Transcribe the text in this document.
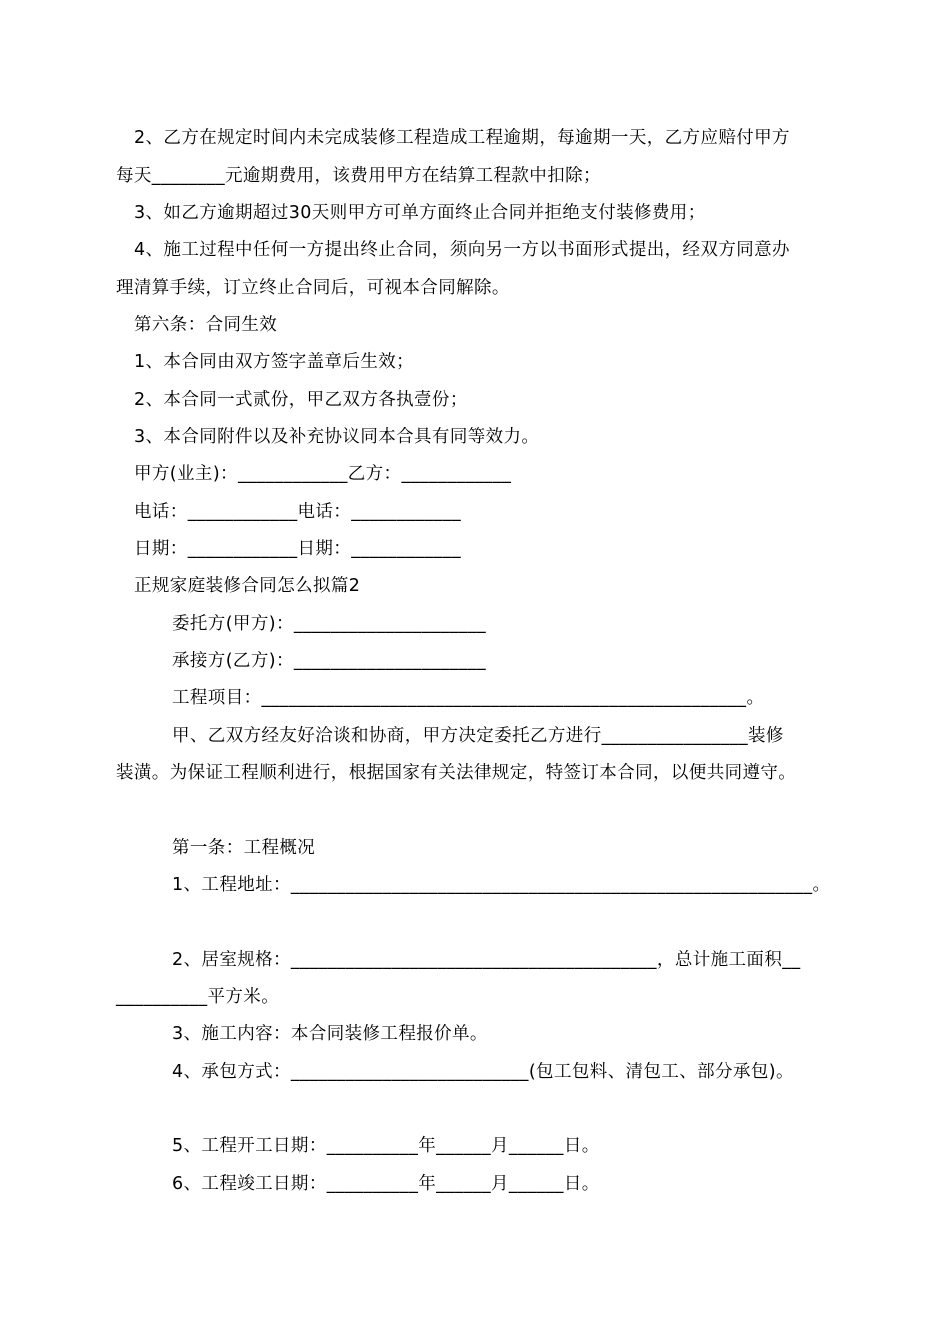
2、乙方在规定时间内未完成装修工程造成工程逾期，每逾期一天，乙方应赔付甲方
每天________元逾期费用，该费用甲方在结算工程款中扣除；
3、如乙方逾期超过30天则甲方可单方面终止合同并拒绝支付装修费用；
4、施工过程中任何一方提出终止合同，须向另一方以书面形式提出，经双方同意办
理清算手续，订立终止合同后，可视本合同解除。
第六条：合同生效
1、本合同由双方签字盖章后生效；
2、本合同一式贰份，甲乙双方各执壹份；
3、本合同附件以及补充协议同本合具有同等效力。
甲方(业主)：____________乙方：____________
电话：____________电话：____________
日期：____________日期：____________
正规家庭装修合同怎么拟篇2
委托方(甲方)：_____________________
承接方(乙方)：_____________________
工程项目：_____________________________________________________。
甲、乙双方经友好洽谈和协商，甲方决定委托乙方进行________________装修
装潢。为保证工程顺利进行，根据国家有关法律规定，特签订本合同，以便共同遵守。
第一条：工程概况
1、工程地址：_________________________________________________________。
2、居室规格：________________________________________，总计施工面积__
__________平方米。
3、施工内容：本合同装修工程报价单。
4、承包方式：__________________________(包工包料、清包工、部分承包)。
5、工程开工日期：__________年______月______日。
6、工程竣工日期：__________年______月______日。
